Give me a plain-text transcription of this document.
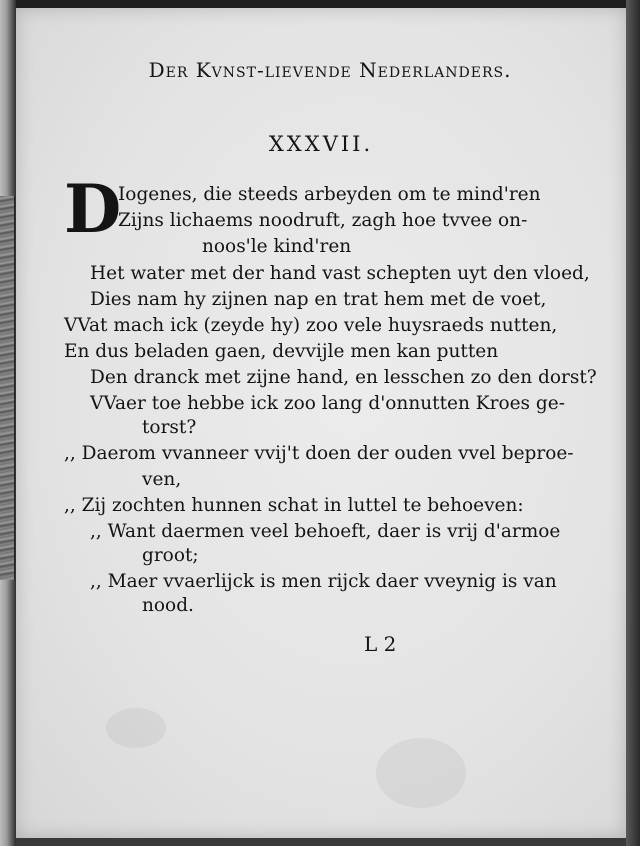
Der Kvnst-lievende Nederlanders.
XXXVII.
D
Iogenes, die steeds arbeyden om te mind'ren
Zijns lichaems noodruft, zagh hoe tvvee on-
noos'le kind'ren
Het water met der hand vast schepten uyt den vloed,
Dies nam hy zijnen nap en trat hem met de voet,
VVat mach ick (zeyde hy) zoo vele huysraeds nutten,
En dus beladen gaen, devvijle men kan putten
Den dranck met zijne hand, en lesschen zo den dorst?
VVaer toe hebbe ick zoo lang d'onnutten Kroes ge-
torst?
,, Daerom vvanneer vvij't doen der ouden vvel beproe-
ven,
,, Zij zochten hunnen schat in luttel te behoeven:
,, Want daermen veel behoeft, daer is vrij d'armoe
groot;
,, Maer vvaerlijck is men rijck daer vveynig is van
nood.
L 2
